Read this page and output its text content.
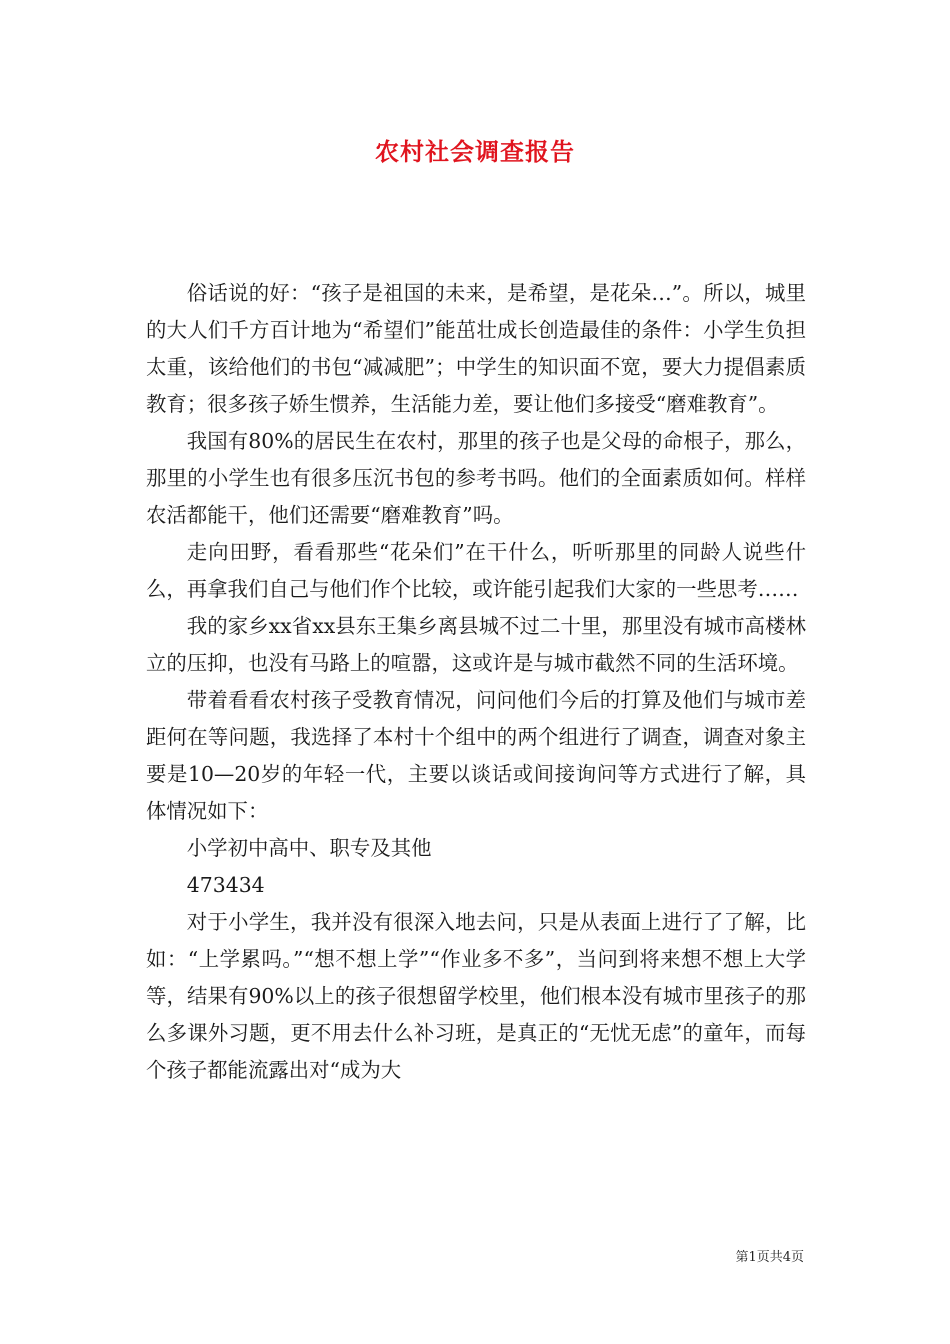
农村社会调查报告

俗话说的好：“孩子是祖国的未来，是希望，是花朵…”。所以，城里的大人们千方百计地为“希望们”能茁壮成长创造最佳的条件：小学生负担太重，该给他们的书包“减减肥”；中学生的知识面不宽，要大力提倡素质教育；很多孩子娇生惯养，生活能力差，要让他们多接受“磨难教育”。

我国有80%的居民生在农村，那里的孩子也是父母的命根子，那么，那里的小学生也有很多压沉书包的参考书吗。他们的全面素质如何。样样农活都能干，他们还需要“磨难教育”吗。

走向田野，看看那些“花朵们”在干什么，听听那里的同龄人说些什么，再拿我们自己与他们作个比较，或许能引起我们大家的一些思考……

我的家乡xx省xx县东王集乡离县城不过二十里，那里没有城市高楼林立的压抑，也没有马路上的喧嚣，这或许是与城市截然不同的生活环境。

带着看看农村孩子受教育情况，问问他们今后的打算及他们与城市差距何在等问题，我选择了本村十个组中的两个组进行了调查，调查对象主要是10—20岁的年轻一代，主要以谈话或间接询问等方式进行了解，具体情况如下：

小学初中高中、职专及其他

473434

对于小学生，我并没有很深入地去问，只是从表面上进行了了解，比如：“上学累吗。”“想不想上学”“作业多不多”，当问到将来想不想上大学等，结果有90%以上的孩子很想留学校里，他们根本没有城市里孩子的那么多课外习题，更不用去什么补习班，是真正的“无忧无虑”的童年，而每个孩子都能流露出对“成为大

第1页共4页
